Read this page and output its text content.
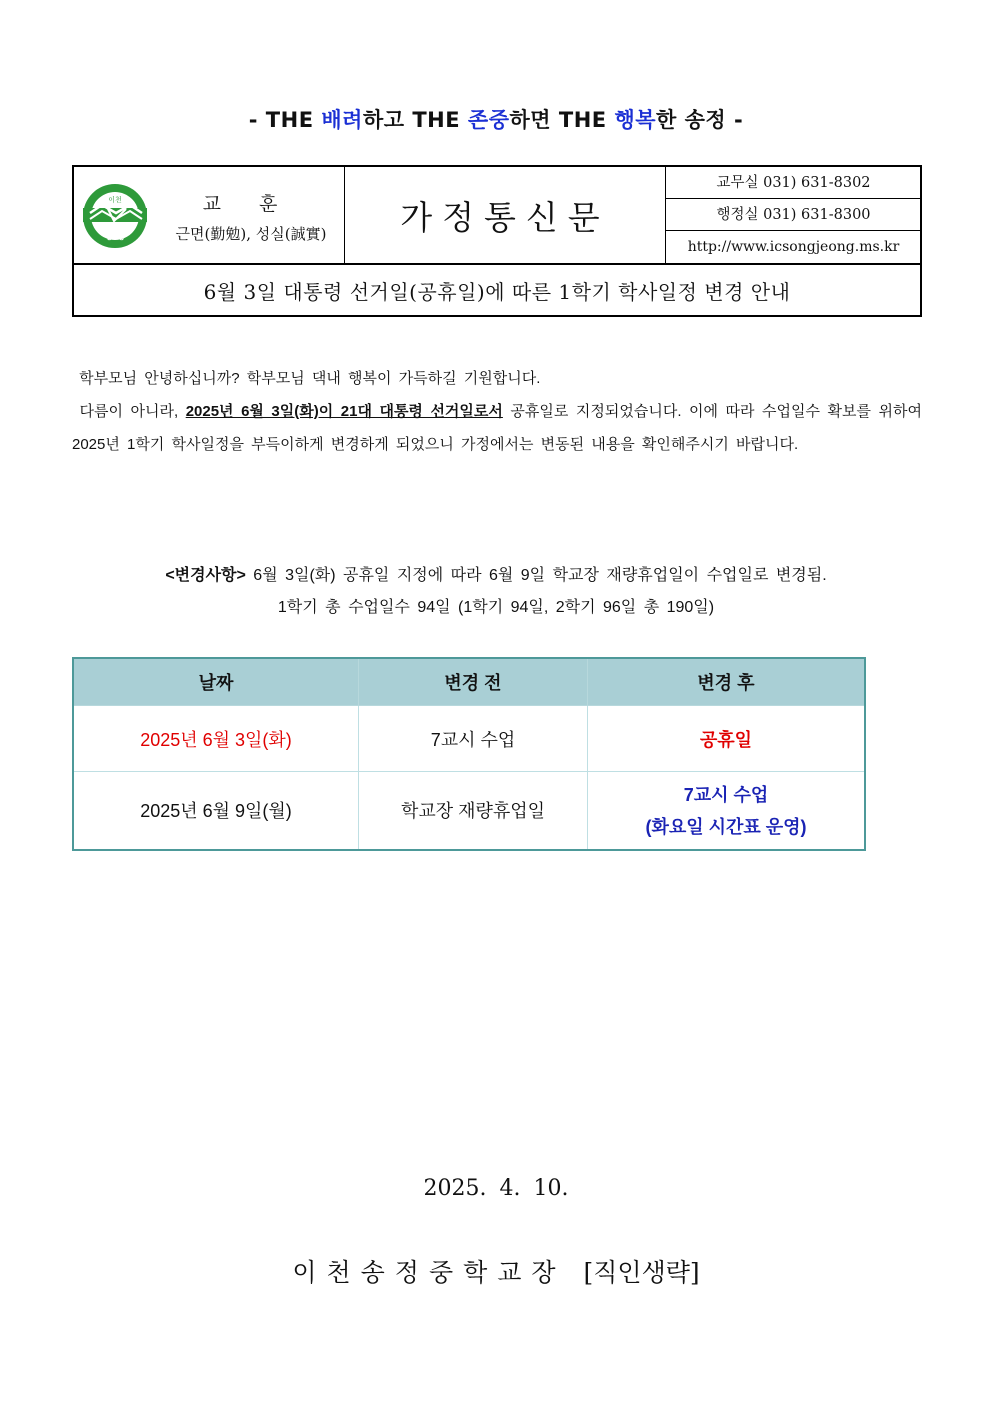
- THE 배려하고 THE 존중하면 THE 행복한 송정 -
이천
송 정
교 훈
근면(勤勉), 성실(誠實)	가정통신문
교무실 031) 631-8302
행정실 031) 631-8300
http://www.icsongjeong.ms.kr
6월 3일 대통령 선거일(공휴일)에 따른 1학기 학사일정 변경 안내

학부모님 안녕하십니까? 학부모님 댁내 행복이 가득하길 기원합니다.

다름이 아니라, 2025년 6월 3일(화)이 21대 대통령 선거일로서 공휴일로 지정되었습니다. 이에 따라 수업일수 확보를 위하여 2025년 1학기 학사일정을 부득이하게 변경하게 되었으니 가정에서는 변동된 내용을 확인해주시기 바랍니다.

<변경사항> 6월 3일(화) 공휴일 지정에 따라 6월 9일 학교장 재량휴업일이 수업일로 변경됨.
1학기 총 수업일수 94일 (1학기 94일, 2학기 96일 총 190일)
날짜	변경 전	변경 후
2025년 6월 3일(화)	7교시 수업	공휴일
2025년 6월 9일(월)	학교장 재량휴업일	7교시 수업
(화요일 시간표 운영)
2025. 4. 10.
이천송정중학교장 [직인생략]
